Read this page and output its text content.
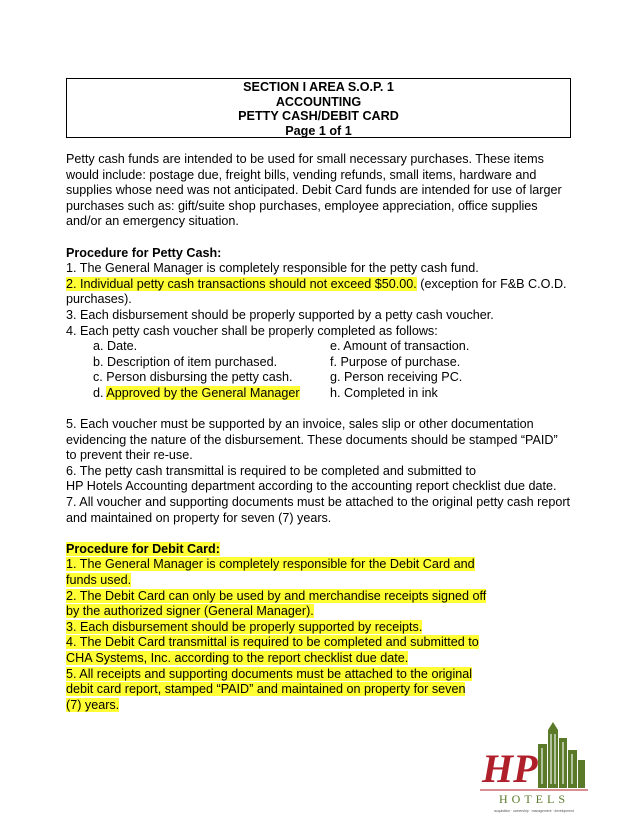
SECTION I AREA S.O.P. 1
ACCOUNTING
PETTY CASH/DEBIT CARD
Page 1 of 1
Petty cash funds are intended to be used for small necessary purchases. These items
would include: postage due, freight bills, vending refunds, small items, hardware and
supplies whose need was not anticipated. Debit Card funds are intended for use of larger
purchases such as: gift/suite shop purchases, employee appreciation, office supplies
and/or an emergency situation.
Procedure for Petty Cash:
1. The General Manager is completely responsible for the petty cash fund.
2. Individual petty cash transactions should not exceed $50.00. (exception for F&B C.O.D.
purchases).
3. Each disbursement should be properly supported by a petty cash voucher.
4. Each petty cash voucher shall be properly completed as follows:
a. Date.	e. Amount of transaction.
b. Description of item purchased.	f. Purpose of purchase.
c. Person disbursing the petty cash.	g. Person receiving PC.
d. Approved by the General Manager	h. Completed in ink
5. Each voucher must be supported by an invoice, sales slip or other documentation
evidencing the nature of the disbursement. These documents should be stamped “PAID”
to prevent their re-use.
6. The petty cash transmittal is required to be completed and submitted to
HP Hotels Accounting department according to the accounting report checklist due date.
7. All voucher and supporting documents must be attached to the original petty cash report
and maintained on property for seven (7) years.
Procedure for Debit Card:
1. The General Manager is completely responsible for the Debit Card and
funds used.
2. The Debit Card can only be used by and merchandise receipts signed off
by the authorized signer (General Manager).
3. Each disbursement should be properly supported by receipts.
4. The Debit Card transmittal is required to be completed and submitted to
CHA Systems, Inc. according to the report checklist due date.
5. All receipts and supporting documents must be attached to the original
debit card report, stamped “PAID” and maintained on property for seven
(7) years.
HP
HOTELS
acquisition · ownership · management · development
